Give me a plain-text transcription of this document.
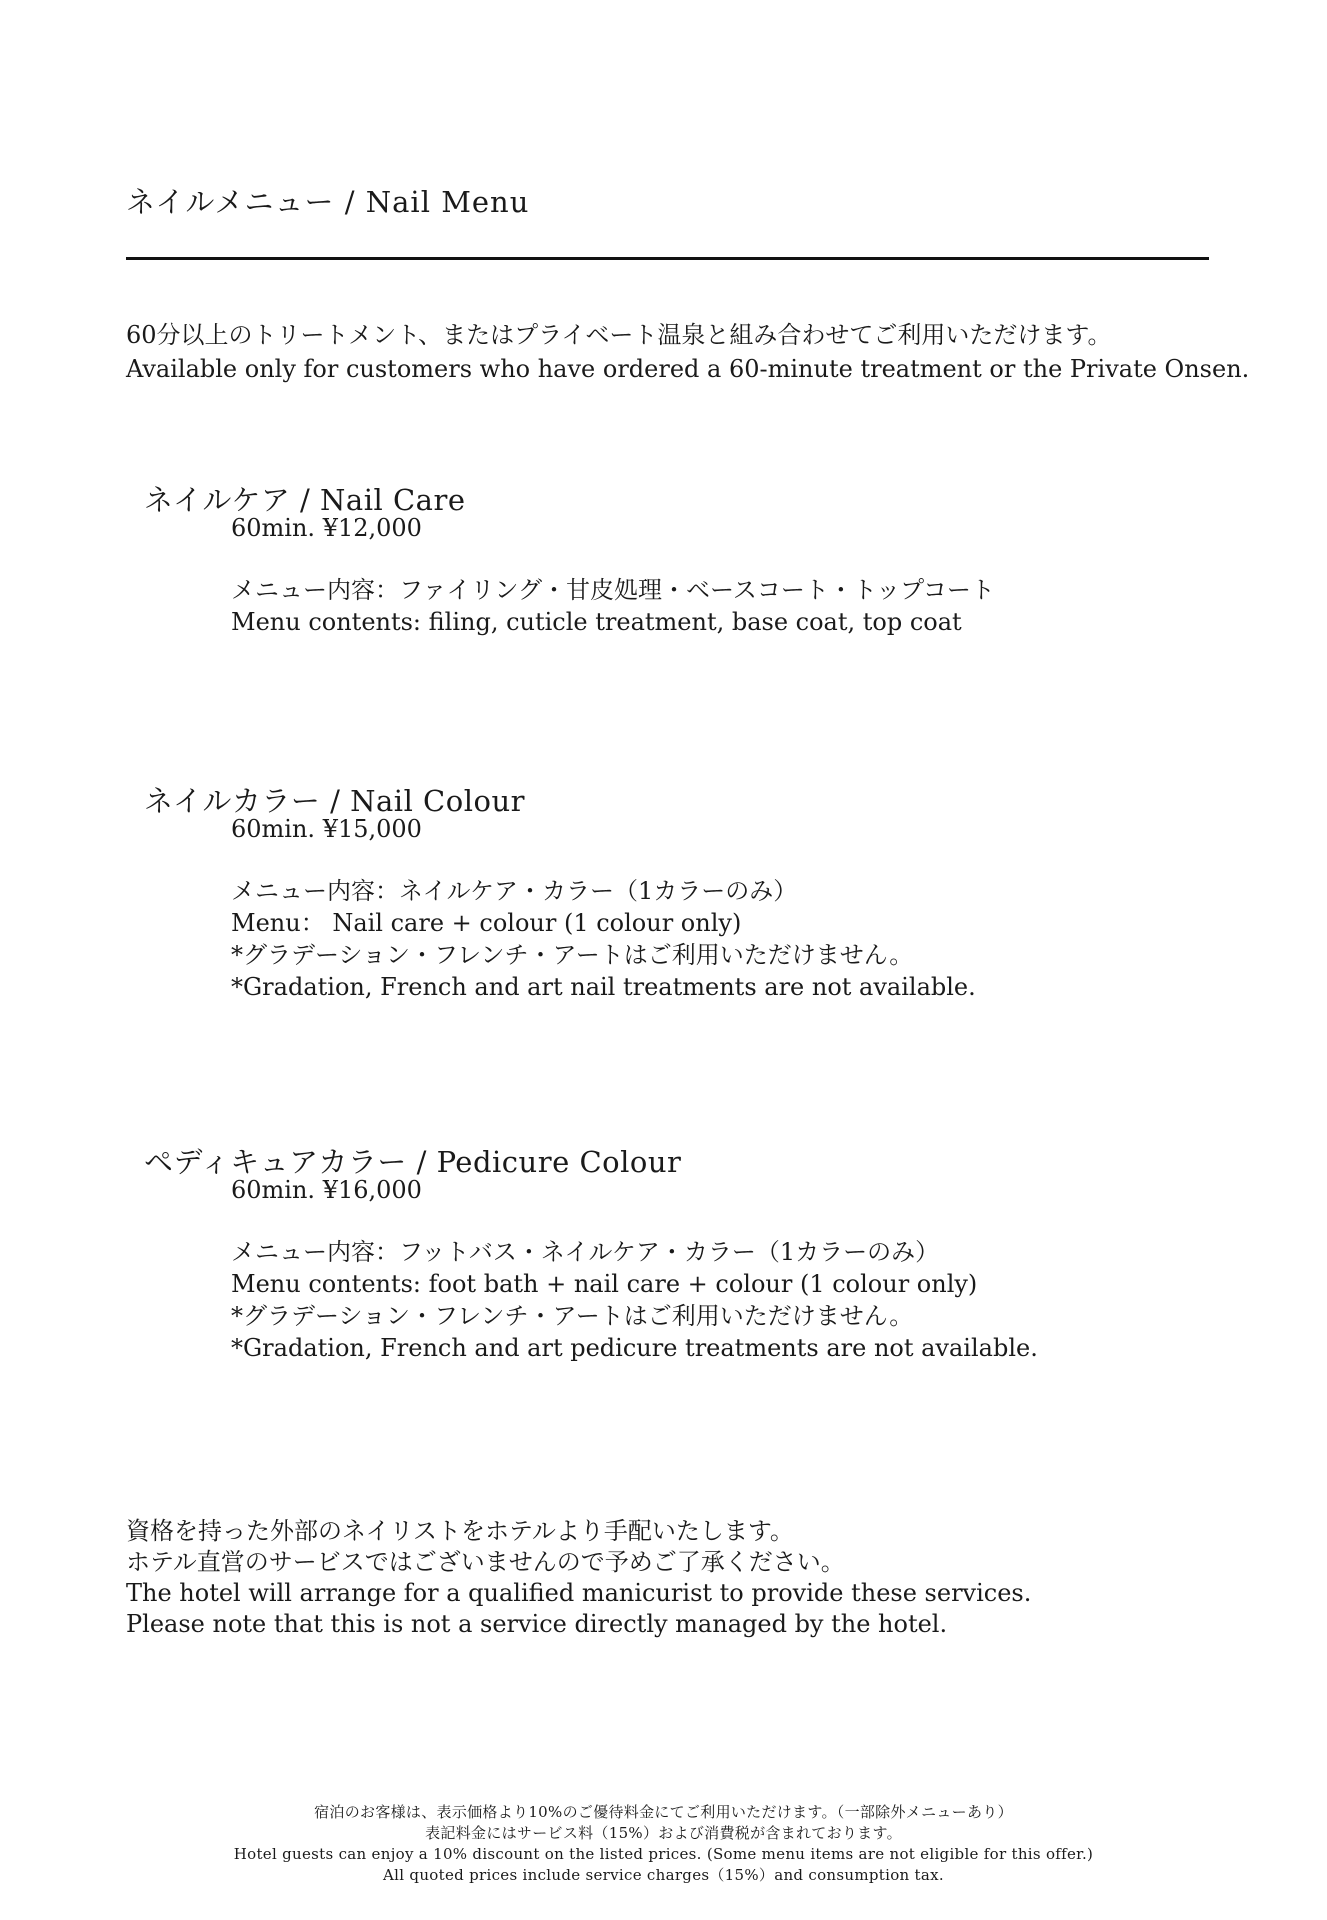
ネイルメニュー / Nail Menu
60分以上のトリートメント、またはプライベート温泉と組み合わせてご利用いただけます。
Available only for customers who have ordered a 60-minute treatment or the Private Onsen.
ネイルケア / Nail Care
60min. ¥12,000
メニュー内容：ファイリング・甘皮処理・ベースコート・トップコート
Menu contents: filing, cuticle treatment, base coat, top coat
ネイルカラー / Nail Colour
60min. ¥15,000
メニュー内容：ネイルケア・カラー（1カラーのみ）
Menu： Nail care + colour (1 colour only)
*グラデーション・フレンチ・アートはご利用いただけません。
*Gradation, French and art nail treatments are not available.
ペディキュアカラー / Pedicure Colour
60min. ¥16,000
メニュー内容：フットバス・ネイルケア・カラー（1カラーのみ）
Menu contents: foot bath + nail care + colour (1 colour only)
*グラデーション・フレンチ・アートはご利用いただけません。
*Gradation, French and art pedicure treatments are not available.
資格を持った外部のネイリストをホテルより手配いたします。
ホテル直営のサービスではございませんので予めご了承ください。
The hotel will arrange for a qualified manicurist to provide these services.
Please note that this is not a service directly managed by the hotel.
宿泊のお客様は、表示価格より10%のご優待料金にてご利用いただけます。（一部除外メニューあり）
表記料金にはサービス料（15%）および消費税が含まれております。
Hotel guests can enjoy a 10% discount on the listed prices. (Some menu items are not eligible for this offer.)
All quoted prices include service charges（15%）and consumption tax.
